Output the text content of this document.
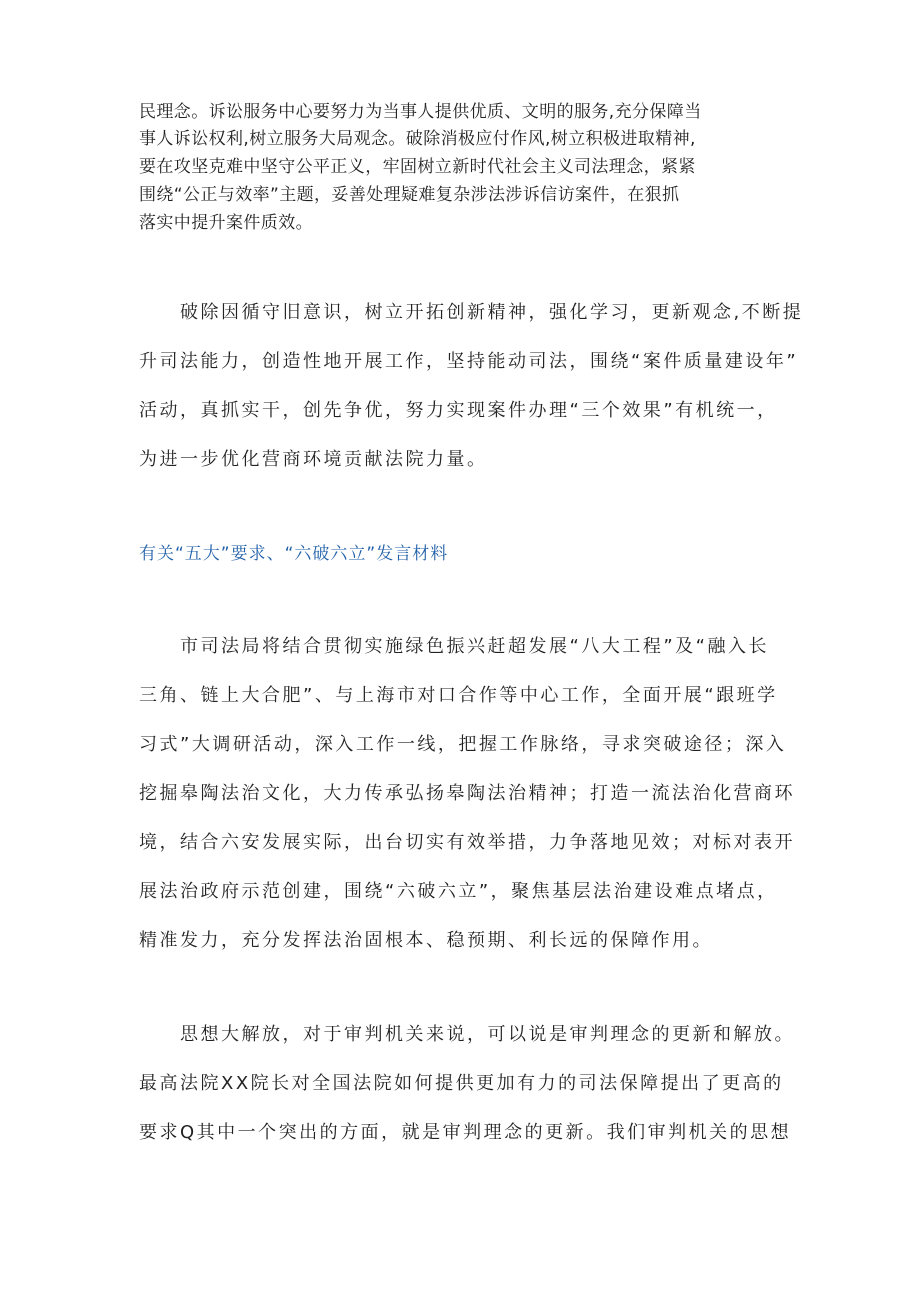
民理念。诉讼服务中心要努力为当事人提供优质、文明的服务,充分保障当

事人诉讼权利,树立服务大局观念。破除消极应付作风,树立积极进取精神,

要在攻坚克难中坚守公平正义，牢固树立新时代社会主义司法理念，紧紧

围绕“公正与效率”主题，妥善处理疑难复杂涉法涉诉信访案件，在狠抓

落实中提升案件质效。

破除因循守旧意识，树立开拓创新精神，强化学习，更新观念,不断提

升司法能力，创造性地开展工作，坚持能动司法，围绕“案件质量建设年”

活动，真抓实干，创先争优，努力实现案件办理“三个效果”有机统一，

为进一步优化营商环境贡献法院力量。

有关“五大”要求、“六破六立”发言材料

市司法局将结合贯彻实施绿色振兴赶超发展“八大工程”及“融入长

三角、链上大合肥”、与上海市对口合作等中心工作，全面开展“跟班学

习式”大调研活动，深入工作一线，把握工作脉络，寻求突破途径；深入

挖掘皋陶法治文化，大力传承弘扬皋陶法治精神；打造一流法治化营商环

境，结合六安发展实际，出台切实有效举措，力争落地见效；对标对表开

展法治政府示范创建，围绕“六破六立”，聚焦基层法治建设难点堵点，

精准发力，充分发挥法治固根本、稳预期、利长远的保障作用。

思想大解放，对于审判机关来说，可以说是审判理念的更新和解放。

最高法院XX院长对全国法院如何提供更加有力的司法保障提出了更高的

要求Q其中一个突出的方面，就是审判理念的更新。我们审判机关的思想
